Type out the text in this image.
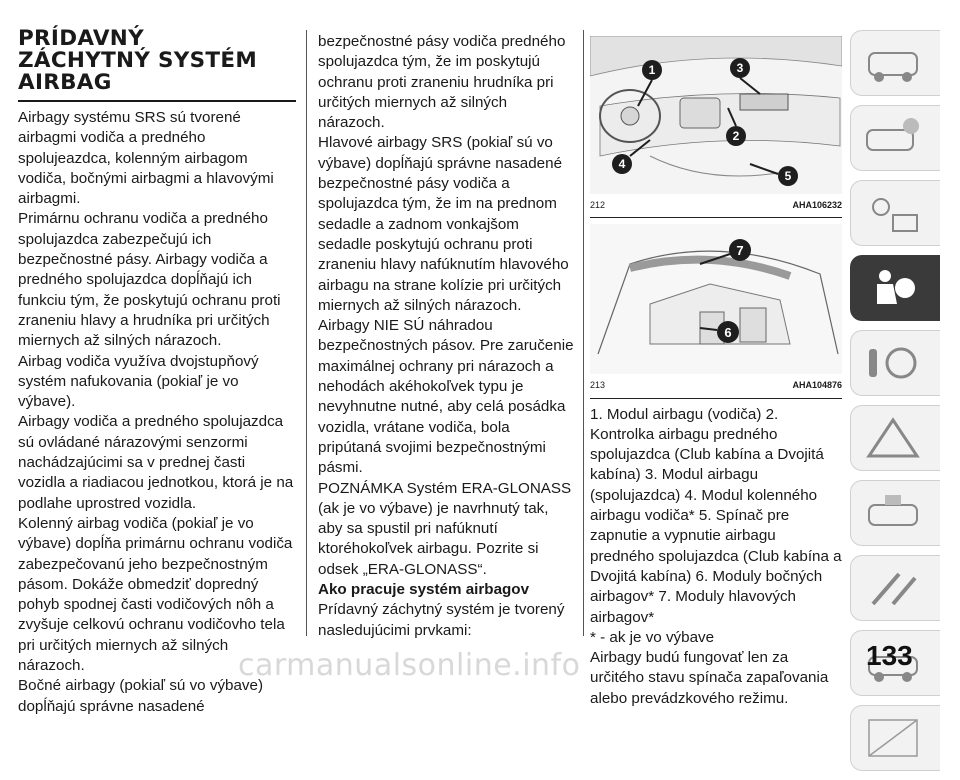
PRÍDAVNÝ
ZÁCHYTNÝ SYSTÉM
AIRBAG

Airbagy systému SRS sú tvorené airbagmi vodiča a predného spolujeazdca, kolenným airbagom vodiča, bočnými airbagmi a hlavovými airbagmi.

Primárnu ochranu vodiča a predného spolujazdca zabezpečujú ich bezpečnostné pásy. Airbagy vodiča a predného spolujazdca dopĺňajú ich funkciu tým, že poskytujú ochranu proti zraneniu hlavy a hrudníka pri určitých miernych až silných nárazoch.

Airbag vodiča využíva dvojstupňový systém nafukovania (pokiaľ je vo výbave).

Airbagy vodiča a predného spolujazdca sú ovládané nárazovými senzormi nachádzajúcimi sa v prednej časti vozidla a riadiacou jednotkou, ktorá je na podlahe uprostred vozidla.

Kolenný airbag vodiča (pokiaľ je vo výbave) dopĺňa primárnu ochranu vodiča zabezpečovanú jeho bezpečnostným pásom. Dokáže obmedziť dopredný pohyb spodnej časti vodičových nôh a zvyšuje celkovú ochranu vodičovho tela pri určitých miernych až silných nárazoch.

Bočné airbagy (pokiaľ sú vo výbave) dopĺňajú správne nasadené

bezpečnostné pásy vodiča predného spolujazdca tým, že im poskytujú ochranu proti zraneniu hrudníka pri určitých miernych až silných nárazoch.

Hlavové airbagy SRS (pokiaľ sú vo výbave) dopĺňajú správne nasadené bezpečnostné pásy vodiča a spolujazdca tým, že im na prednom sedadle a zadnom vonkajšom sedadle poskytujú ochranu proti zraneniu hlavy nafúknutím hlavového airbagu na strane kolízie pri určitých miernych až silných nárazoch.

Airbagy NIE SÚ náhradou bezpečnostných pásov. Pre zaručenie maximálnej ochrany pri nárazoch a nehodách akéhokoľvek typu je nevyhnutne nutné, aby celá posádka vozidla, vrátane vodiča, bola pripútaná svojimi bezpečnostnými pásmi.

POZNÁMKA Systém ERA-GLONASS (ak je vo výbave) je navrhnutý tak, aby sa spustil pri nafúknutí ktoréhokoľvek airbagu. Pozrite si odsek „ERA-GLONASS“.

Ako pracuje systém airbagov

Prídavný záchytný systém je tvorený nasledujúcimi prvkami:

1
2
3
4
5
212	AHA106232
7
6
213	AHA104876

1. Modul airbagu (vodiča) 2. Kontrolka airbagu predného spolujazdca (Club kabína a Dvojitá kabína) 3. Modul airbagu (spolujazdca) 4. Modul kolenného airbagu vodiča* 5. Spínač pre zapnutie a vypnutie airbagu predného spolujazdca (Club kabína a Dvojitá kabína) 6. Moduly bočných airbagov* 7. Moduly hlavových airbagov*

* - ak je vo výbave

Airbagy budú fungovať len za určitého stavu spínača zapaľovania alebo prevádzkového režimu.

133
carmanualsonline.info
